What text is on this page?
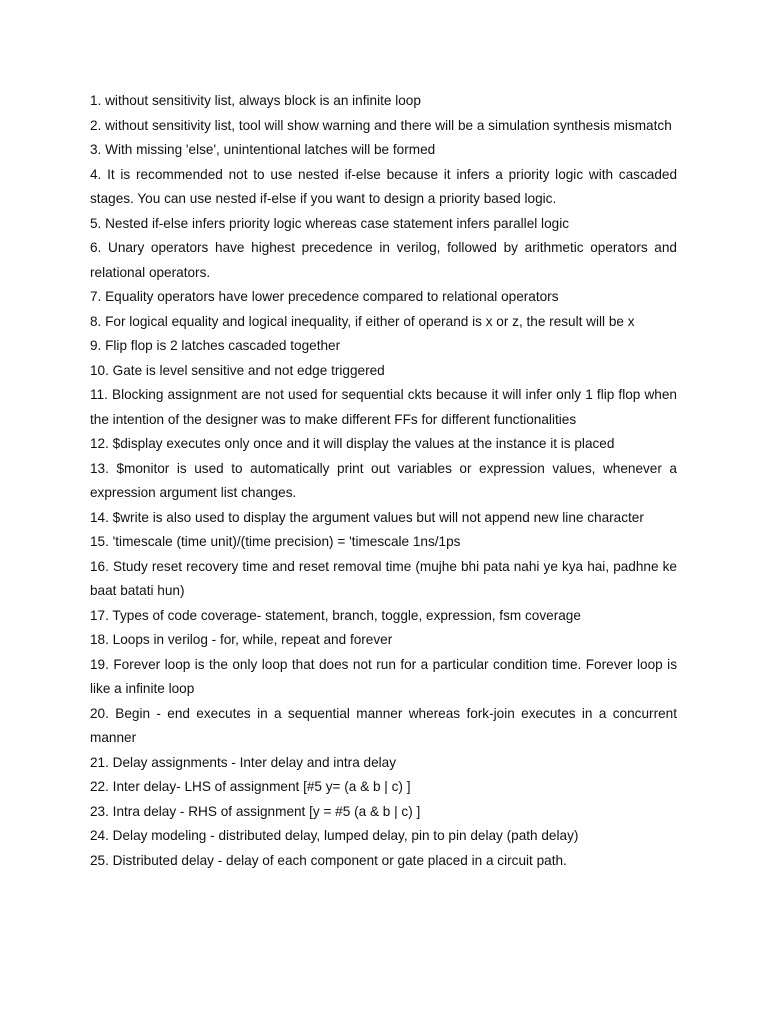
1. without sensitivity list, always block is an infinite loop
2. without sensitivity list, tool will show warning and there will be a simulation synthesis mismatch
3. With missing 'else', unintentional latches will be formed
4. It is recommended not to use nested if-else because it infers a priority logic with cascaded stages. You can use nested if-else if you want to design a priority based logic.
5. Nested if-else infers priority logic whereas case statement infers parallel logic
6. Unary operators have highest precedence in verilog, followed by arithmetic operators and relational operators.
7. Equality operators have lower precedence compared to relational operators
8. For logical equality and logical inequality, if either of operand is x or z, the result will be x
9. Flip flop is 2 latches cascaded together
10. Gate is level sensitive and not edge triggered
11. Blocking assignment are not used for sequential ckts because it will infer only 1 flip flop when the intention of the designer was to make different FFs for different functionalities
12. $display executes only once and it will display the values at the instance it is placed
13. $monitor is used to automatically print out variables or expression values, whenever a expression argument list changes.
14. $write is also used to display the argument values but will not append new line character
15. 'timescale (time unit)/(time precision) = 'timescale 1ns/1ps
16. Study reset recovery time and reset removal time (mujhe bhi pata nahi ye kya hai, padhne ke baat batati hun)
17. Types of code coverage- statement, branch, toggle, expression, fsm coverage
18. Loops in verilog - for, while, repeat and forever
19. Forever loop is the only loop that does not run for a particular condition time. Forever loop is like a infinite loop
20. Begin - end executes in a sequential manner whereas fork-join executes in a concurrent manner
21. Delay assignments - Inter delay and intra delay
22. Inter delay- LHS of assignment [#5 y= (a & b | c) ]
23. Intra delay - RHS of assignment [y = #5 (a & b | c) ]
24. Delay modeling - distributed delay, lumped delay, pin to pin delay (path delay)
25. Distributed delay - delay of each component or gate placed in a circuit path.
